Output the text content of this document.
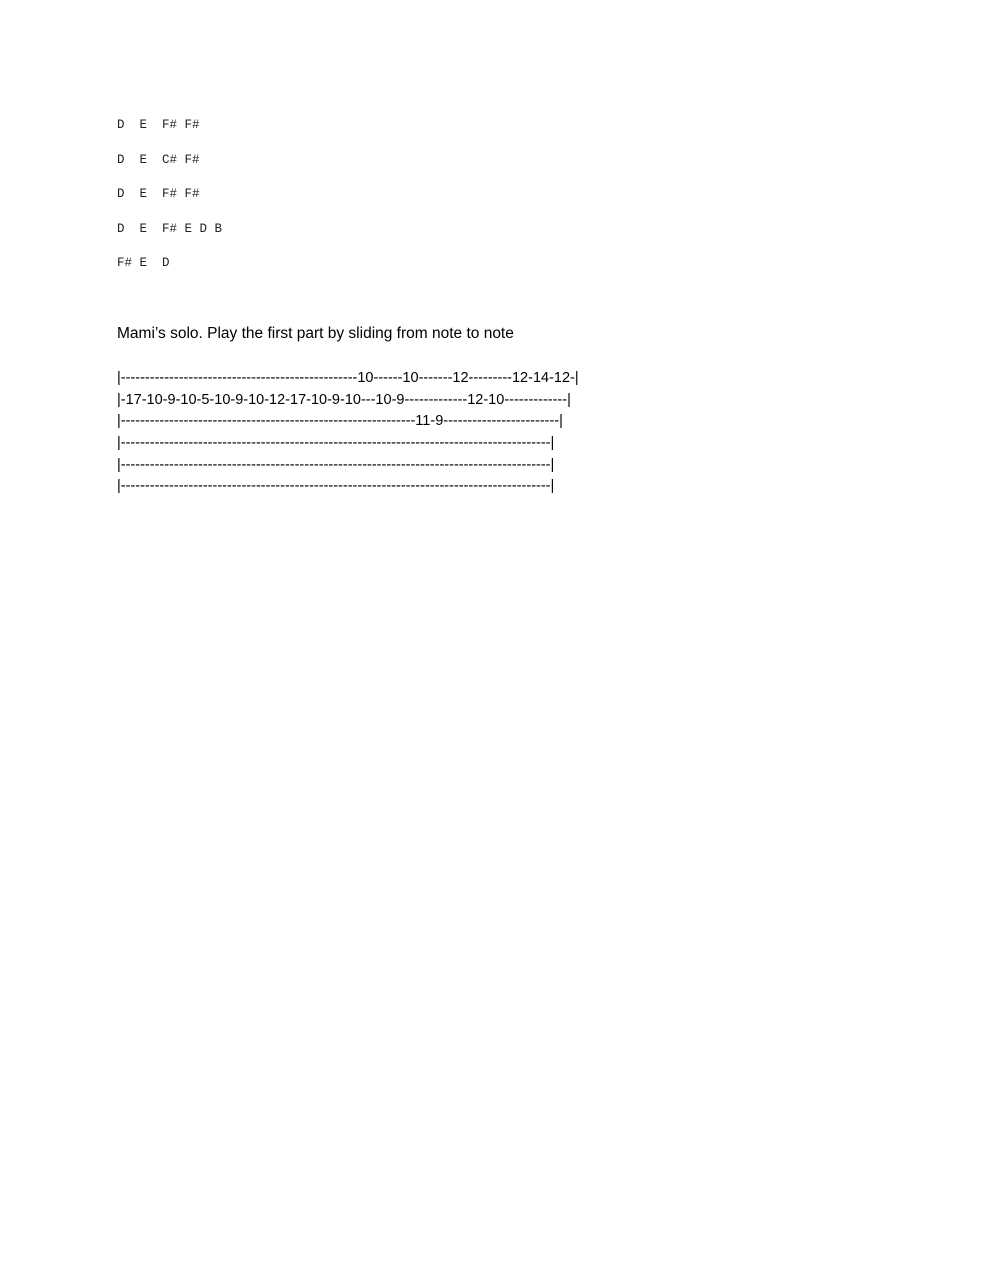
D  E  F# F#
D  E  C# F#
D  E  F# F#
D  E  F# E D B
F# E  D
Mami’s solo. Play the first part by sliding from note to note
|-------------------------------------------------10------10-------12---------12-14-12-|
|-17-10-9-10-5-10-9-10-12-17-10-9-10---10-9-------------12-10-------------|
|-------------------------------------------------------------11-9------------------------|
|-----------------------------------------------------------------------------------------|
|-----------------------------------------------------------------------------------------|
|-----------------------------------------------------------------------------------------|
